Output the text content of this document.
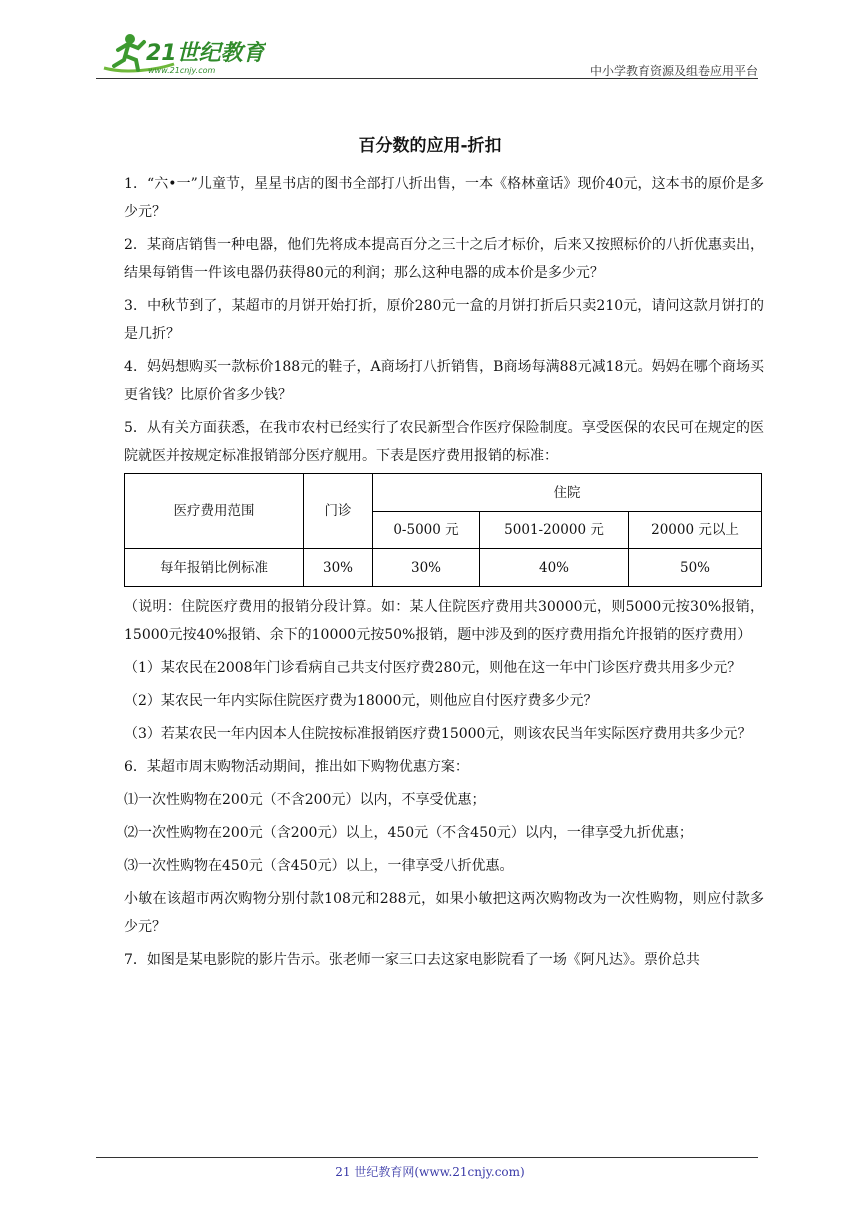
21世纪教育
www.21cnjy.com	中小学教育资源及组卷应用平台
百分数的应用-折扣

1．“六•一”儿童节，星星书店的图书全部打八折出售，一本《格林童话》现价40元，这本书的原价是多少元？

2．某商店销售一种电器，他们先将成本提高百分之三十之后才标价，后来又按照标价的八折优惠卖出，结果每销售一件该电器仍获得80元的利润；那么这种电器的成本价是多少元？

3．中秋节到了，某超市的月饼开始打折，原价280元一盒的月饼打折后只卖210元，请问这款月饼打的是几折？

4．妈妈想购买一款标价188元的鞋子，A商场打八折销售，B商场每满88元减18元。妈妈在哪个商场买更省钱？比原价省多少钱？

5．从有关方面获悉，在我市农村已经实行了农民新型合作医疗保险制度。享受医保的农民可在规定的医院就医并按规定标准报销部分医疗舰用。下表是医疗费用报销的标准：

医疗费用范围	门诊	住院		
		0-5000 元	5001-20000 元	20000 元以上
每年报销比例标准	30%	30%	40%	50%

（说明：住院医疗费用的报销分段计算。如：某人住院医疗费用共30000元，则5000元按30%报销，15000元按40%报销、余下的10000元按50%报销，题中涉及到的医疗费用指允许报销的医疗费用）

（1）某农民在2008年门诊看病自己共支付医疗费280元，则他在这一年中门诊医疗费共用多少元？

（2）某农民一年内实际住院医疗费为18000元，则他应自付医疗费多少元？

（3）若某农民一年内因本人住院按标准报销医疗费15000元，则该农民当年实际医疗费用共多少元？

6．某超市周末购物活动期间，推出如下购物优惠方案：

⑴一次性购物在200元（不含200元）以内，不享受优惠；

⑵一次性购物在200元（含200元）以上，450元（不含450元）以内，一律享受九折优惠；

⑶一次性购物在450元（含450元）以上，一律享受八折优惠。

小敏在该超市两次购物分别付款108元和288元，如果小敏把这两次购物改为一次性购物，则应付款多少元？

7．如图是某电影院的影片告示。张老师一家三口去这家电影院看了一场《阿凡达》。票价总共

21 世纪教育网(www.21cnjy.com)
